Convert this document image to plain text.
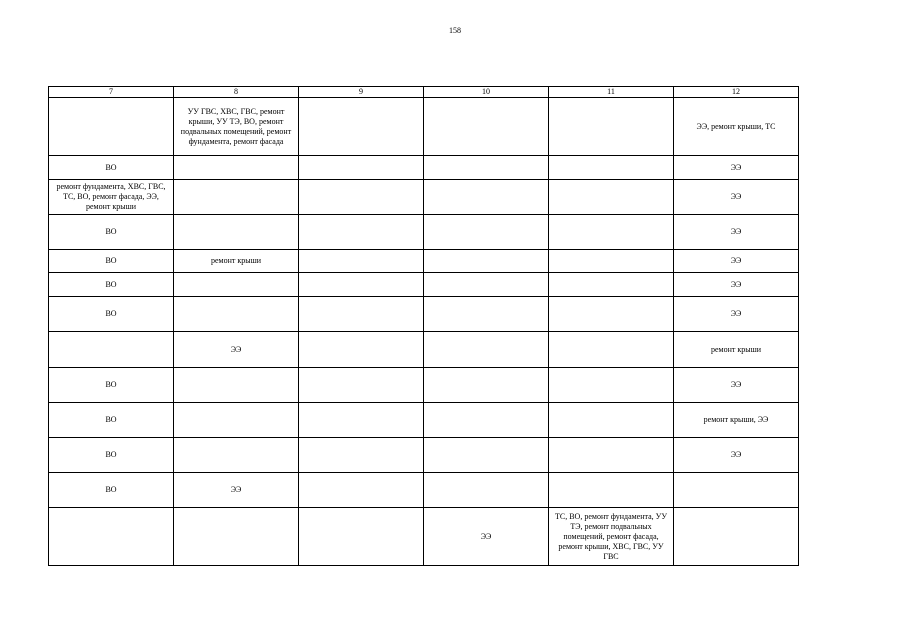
158
7	8	9	10	11	12
	УУ ГВС, ХВС, ГВС, ремонт крыши, УУ ТЭ, ВО, ремонт подвальных помещений, ремонт фундамента, ремонт фасада				ЭЭ, ремонт крыши, ТС
ВО					ЭЭ
ремонт фундамента, ХВС, ГВС, ТС, ВО, ремонт фасада, ЭЭ, ремонт крыши					ЭЭ
ВО					ЭЭ
ВО	ремонт крыши				ЭЭ
ВО					ЭЭ
ВО					ЭЭ
	ЭЭ				ремонт крыши
ВО					ЭЭ
ВО					ремонт крыши, ЭЭ
ВО					ЭЭ
ВО	ЭЭ				
			ЭЭ	ТС, ВО, ремонт фундамента, УУ ТЭ, ремонт подвальных помещений, ремонт фасада, ремонт крыши, ХВС, ГВС, УУ ГВС	
